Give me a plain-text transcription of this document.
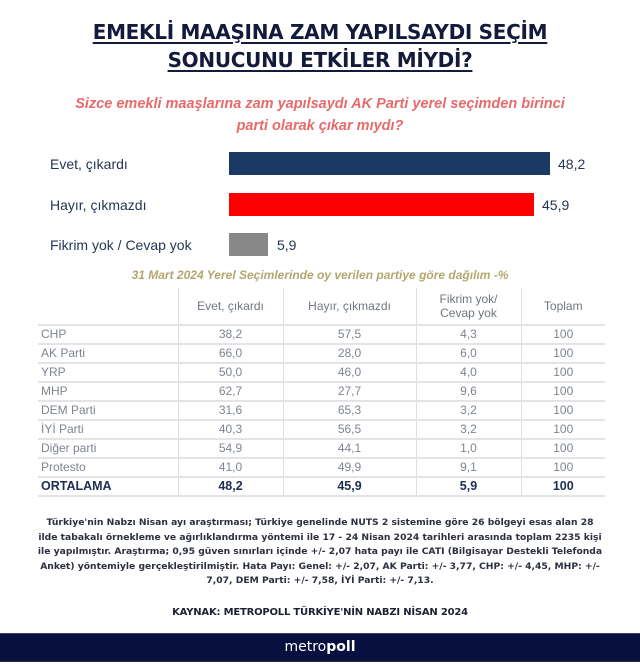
EMEKLİ MAAŞINA ZAM YAPILSAYDI SEÇİM
SONUCUNU ETKİLER MİYDİ?
Sizce emekli maaşlarına zam yapılsaydı AK Parti yerel seçimden birinci
parti olarak çıkar mıydı?
Evet, çıkardı	48,2
Hayır, çıkmazdı	45,9
Fikrim yok / Cevap yok	5,9
31 Mart 2024 Yerel Seçimlerinde oy verilen partiye göre dağılım -%
	Evet, çıkardı	Hayır, çıkmazdı	Fikrim yok/
Cevap yok	Toplam
CHP	38,2	57,5	4,3	100
AK Parti	66,0	28,0	6,0	100
YRP	50,0	46,0	4,0	100
MHP	62,7	27,7	9,6	100
DEM Parti	31,6	65,3	3,2	100
İYİ Parti	40,3	56,5	3,2	100
Diğer parti	54,9	44,1	1,0	100
Protesto	41,0	49,9	9,1	100
ORTALAMA	48,2	45,9	5,9	100
Türkiye'nin Nabzı Nisan ayı araştırması; Türkiye genelinde NUTS 2 sistemine göre 26 bölgeyi esas alan 28
ilde tabakalı örnekleme ve ağırlıklandırma yöntemi ile 17 - 24 Nisan 2024 tarihleri arasında toplam 2235 kişi
ile yapılmıştır. Araştırma; 0,95 güven sınırları içinde +/- 2,07 hata payı ile CATI (Bilgisayar Destekli Telefonda
Anket) yöntemiyle gerçekleştirilmiştir. Hata Payı: Genel: +/- 2,07, AK Parti: +/- 3,77, CHP: +/- 4,45, MHP: +/-
7,07, DEM Parti: +/- 7,58, İYİ Parti: +/- 7,13.
KAYNAK: METROPOLL TÜRKİYE'NİN NABZI NİSAN 2024
metropoll
